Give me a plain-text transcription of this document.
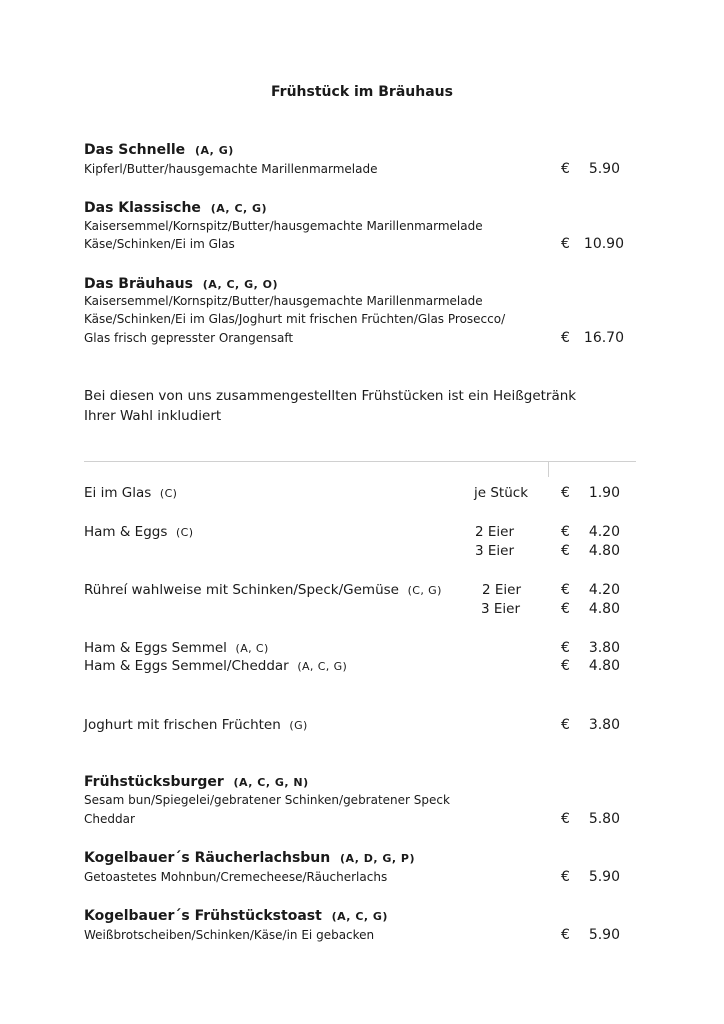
Frühstück im Bräuhaus
Das Schnelle (A, G)
Kipferl/Butter/hausgemachte Marillenmarmelade	€	5.90
Das Klassische (A, C, G)
Kaisersemmel/Kornspitz/Butter/hausgemachte Marillenmarmelade
Käse/Schinken/Ei im Glas	€ 10.90
Das Bräuhaus (A, C, G, O)
Kaisersemmel/Kornspitz/Butter/hausgemachte Marillenmarmelade
Käse/Schinken/Ei im Glas/Joghurt mit frischen Früchten/Glas Prosecco/
Glas frisch gepresster Orangensaft	€ 16.70
Bei diesen von uns zusammengestellten Frühstücken ist ein Heißgetränk
Ihrer Wahl inkludiert
Ei im Glas (C)	je Stück €	1.90
Ham & Eggs (C)	2 Eier	€	4.20
3 Eier	€	4.80
Rühreí wahlweise mit Schinken/Speck/Gemüse (C, G)	2 Eier	€	4.20
3 Eier	€	4.80
Ham & Eggs Semmel (A, C)	€	3.80
Ham & Eggs Semmel/Cheddar (A, C, G)	€	4.80
Joghurt mit frischen Früchten (G)	€	3.80
Frühstücksburger (A, C, G, N)
Sesam bun/Spiegelei/gebratener Schinken/gebratener Speck
Cheddar	€	5.80
Kogelbauer´s Räucherlachsbun (A, D, G, P)
Getoastetes Mohnbun/Cremecheese/Räucherlachs	€	5.90
Kogelbauer´s Frühstückstoast (A, C, G)
Weißbrotscheiben/Schinken/Käse/in Ei gebacken	€	5.90
